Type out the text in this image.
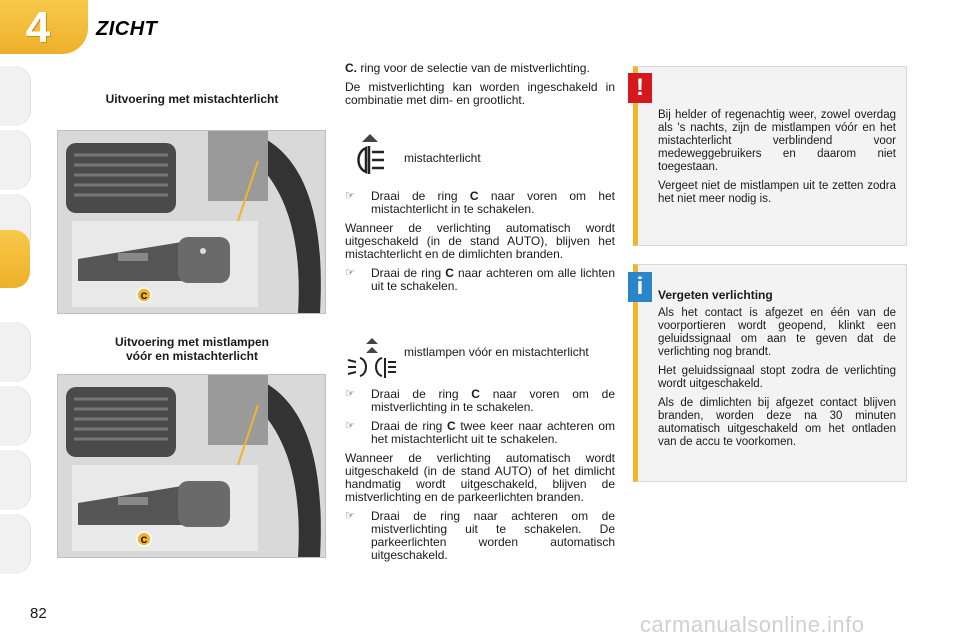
4	ZICHT
Uitvoering met mistachterlicht
C
Uitvoering met mistlampen
vóór en mistachterlicht
C

C. ring voor de selectie van de mistverlichting.

De mistverlichting kan worden ingeschakeld in combinatie met dim- en grootlicht.

mistachterlicht
☞	Draai de ring C naar voren om het mistachterlicht in te schakelen.

Wanneer de verlichting automatisch wordt uitgeschakeld (in de stand AUTO), blijven het mistachterlicht en de dimlichten branden.

☞	Draai de ring C naar achteren om alle lichten uit te schakelen.
mistlampen vóór en mistachterlicht
☞	Draai de ring C naar voren om de mistverlichting in te schakelen.
☞	Draai de ring C twee keer naar achteren om het mistachterlicht uit te schakelen.

Wanneer de verlichting automatisch wordt uitgeschakeld (in de stand AUTO) of het dimlicht handmatig wordt uitgeschakeld, blijven de mistverlichting en de parkeerlichten branden.

☞	Draai de ring naar achteren om de mistverlichting uit te schakelen. De parkeerlichten worden automatisch uitgeschakeld.

Bij helder of regenachtig weer, zowel overdag als 's nachts, zijn de mistlampen vóór en het mistachterlicht verblindend voor medeweggebruikers en daarom niet toegestaan.

Vergeet niet de mistlampen uit te zetten zodra het niet meer nodig is.

!
Vergeten verlichting

Als het contact is afgezet en één van de voorportieren wordt geopend, klinkt een geluidssignaal om aan te geven dat de verlichting nog brandt.

Het geluidssignaal stopt zodra de verlichting wordt uitgeschakeld.

Als de dimlichten bij afgezet contact blijven branden, worden deze na 30 minuten automatisch uitgeschakeld om het ontladen van de accu te voorkomen.

i
82	carmanualsonline.info
